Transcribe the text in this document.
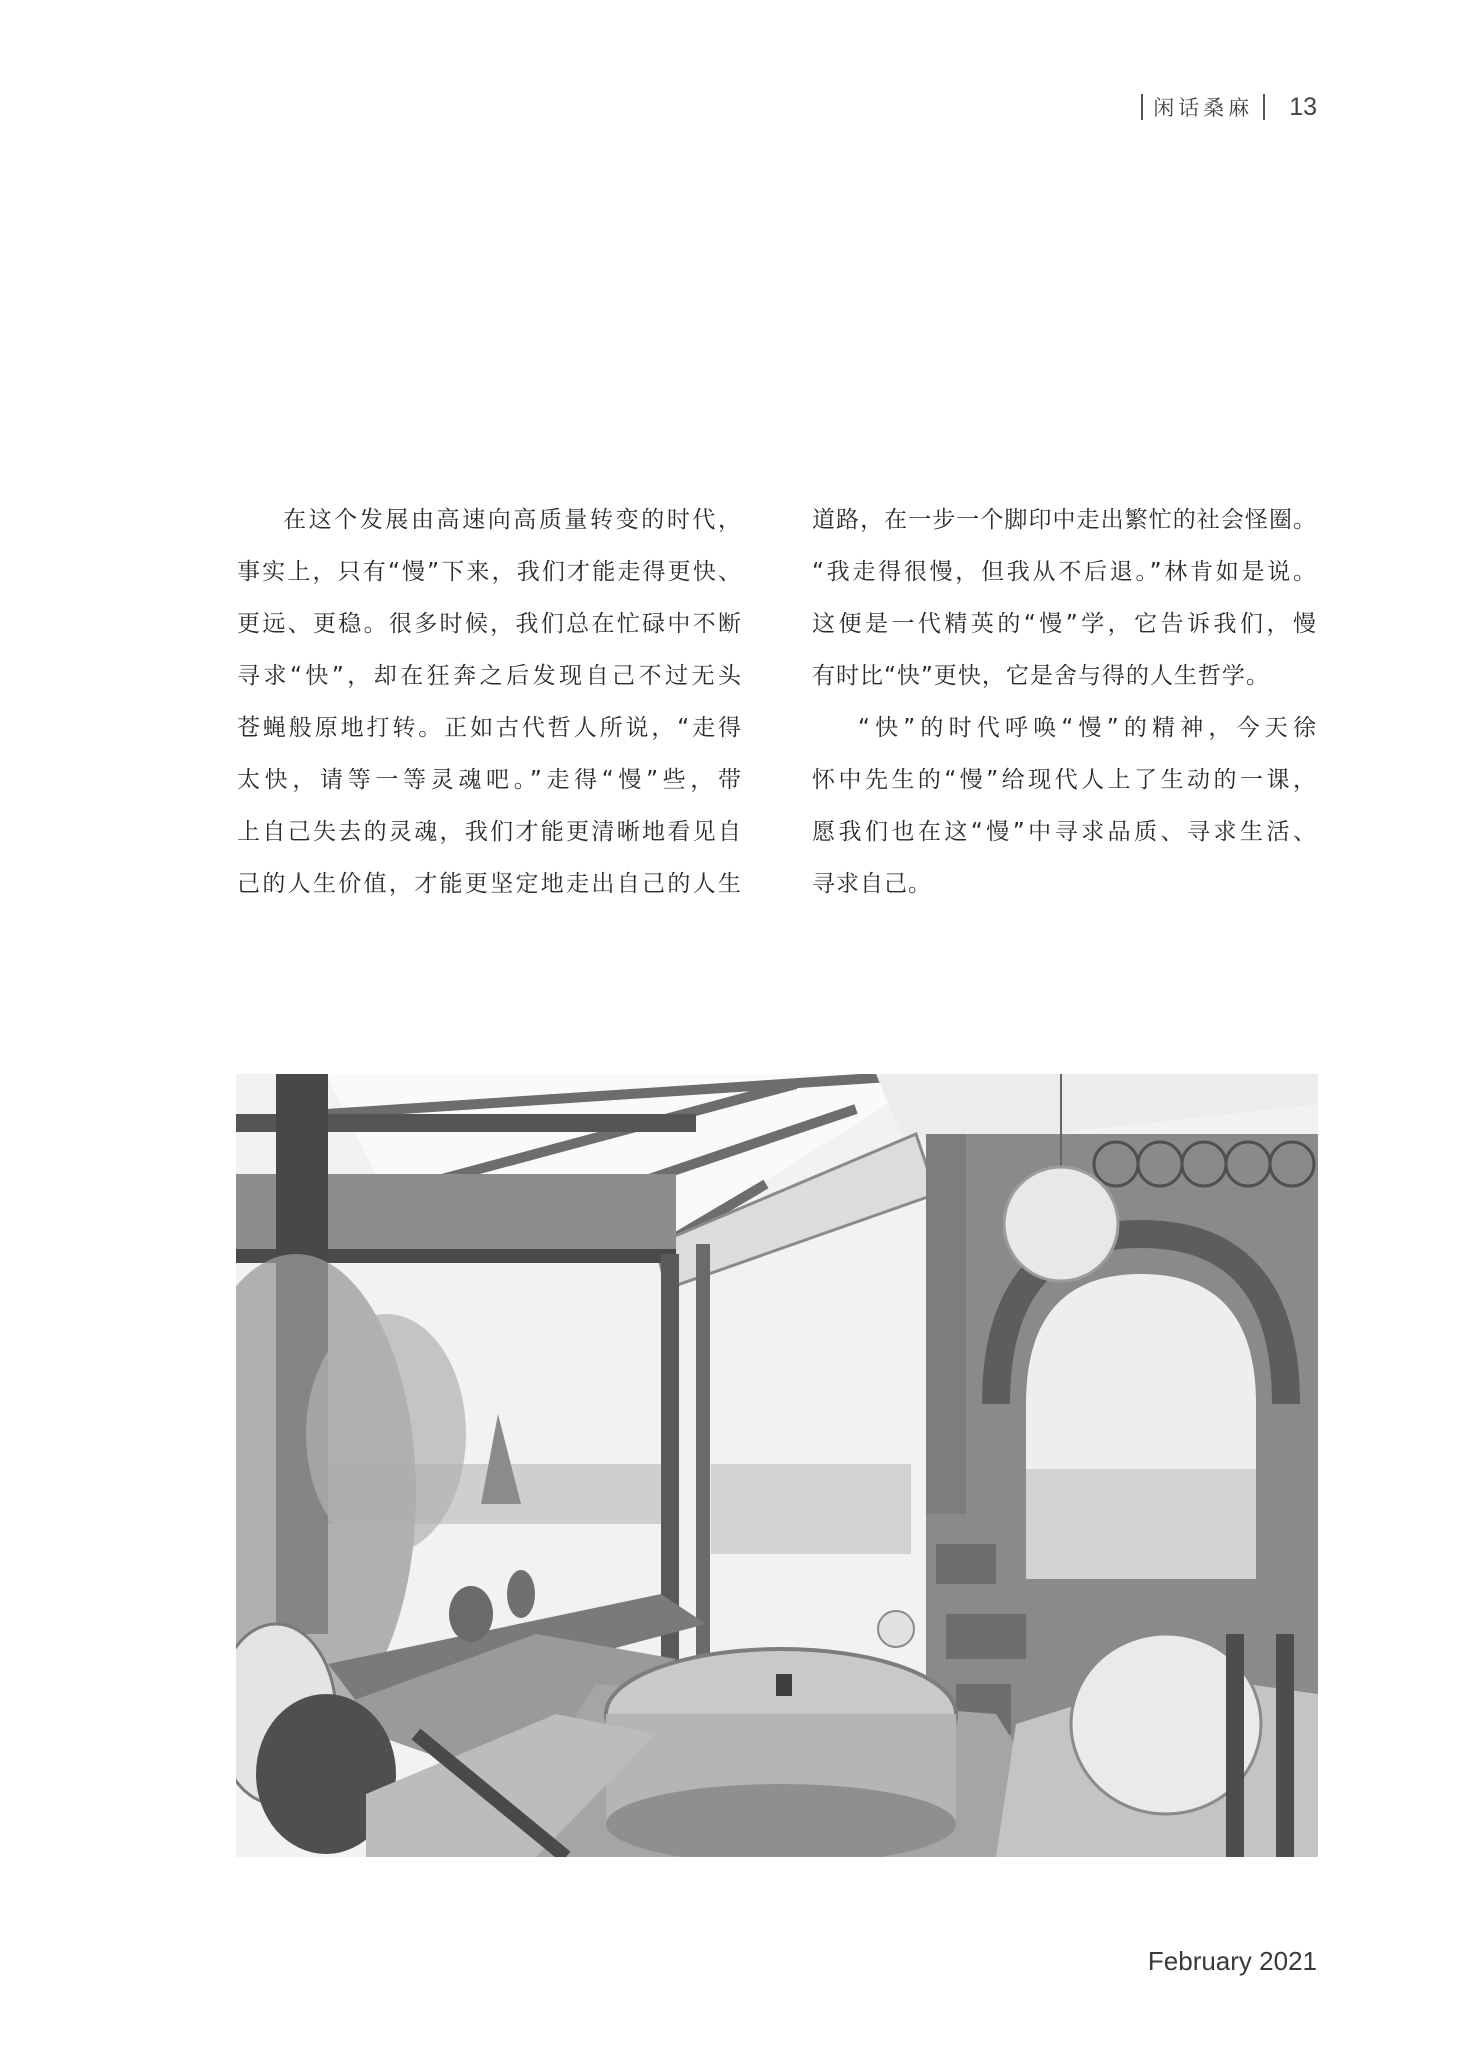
闲话桑麻 13

在这个发展由高速向高质量转变的时代，

事实上，只有“慢”下来，我们才能走得更快、

更远、更稳。很多时候，我们总在忙碌中不断

寻求“快”，却在狂奔之后发现自己不过无头

苍蝇般原地打转。正如古代哲人所说，“走得

太快，请等一等灵魂吧。”走得“慢”些，带

上自己失去的灵魂，我们才能更清晰地看见自

己的人生价值，才能更坚定地走出自己的人生

道路，在一步一个脚印中走出繁忙的社会怪圈。

“我走得很慢，但我从不后退。”林肯如是说。

这便是一代精英的“慢”学，它告诉我们，慢

有时比“快”更快，它是舍与得的人生哲学。

“快”的时代呼唤“慢”的精神，今天徐

怀中先生的“慢”给现代人上了生动的一课，

愿我们也在这“慢”中寻求品质、寻求生活、

寻求自己。

February 2021
